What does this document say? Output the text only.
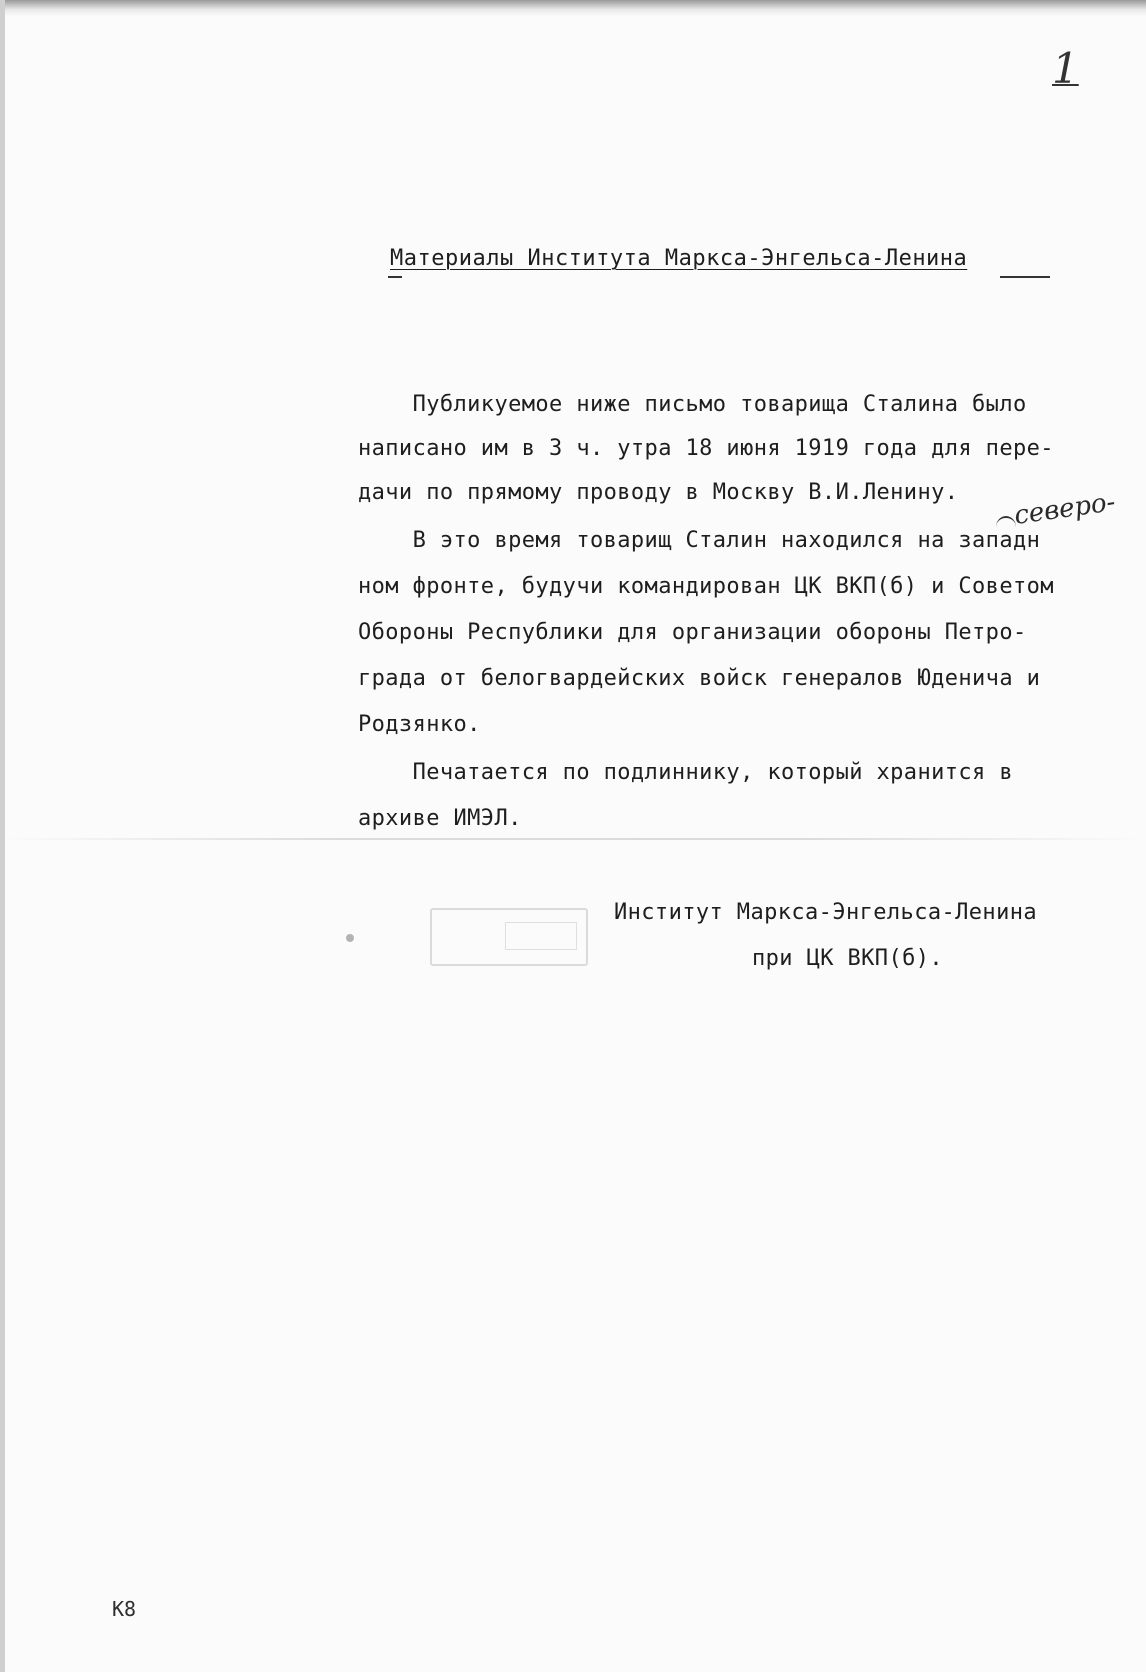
1
Материалы Института Маркса-Энгельса-Ленина
Публикуемое ниже письмо товарища Сталина было
написано им в 3 ч. утра 18 июня 1919 года для пере-
дачи по прямому проводу в Москву В.И.Ленину.
В это время товарищ Сталин находился на западн
ном фронте, будучи командирован ЦК ВКП(б) и Советом
Обороны Республики для организации обороны Петро-
града от белогвардейских войск генералов Юденича и
Родзянко.
Печатается по подлиннику, который хранится в
архиве ИМЭЛ.
северо-
Институт Маркса-Энгельса-Ленина
при ЦК ВКП(б).
К8
